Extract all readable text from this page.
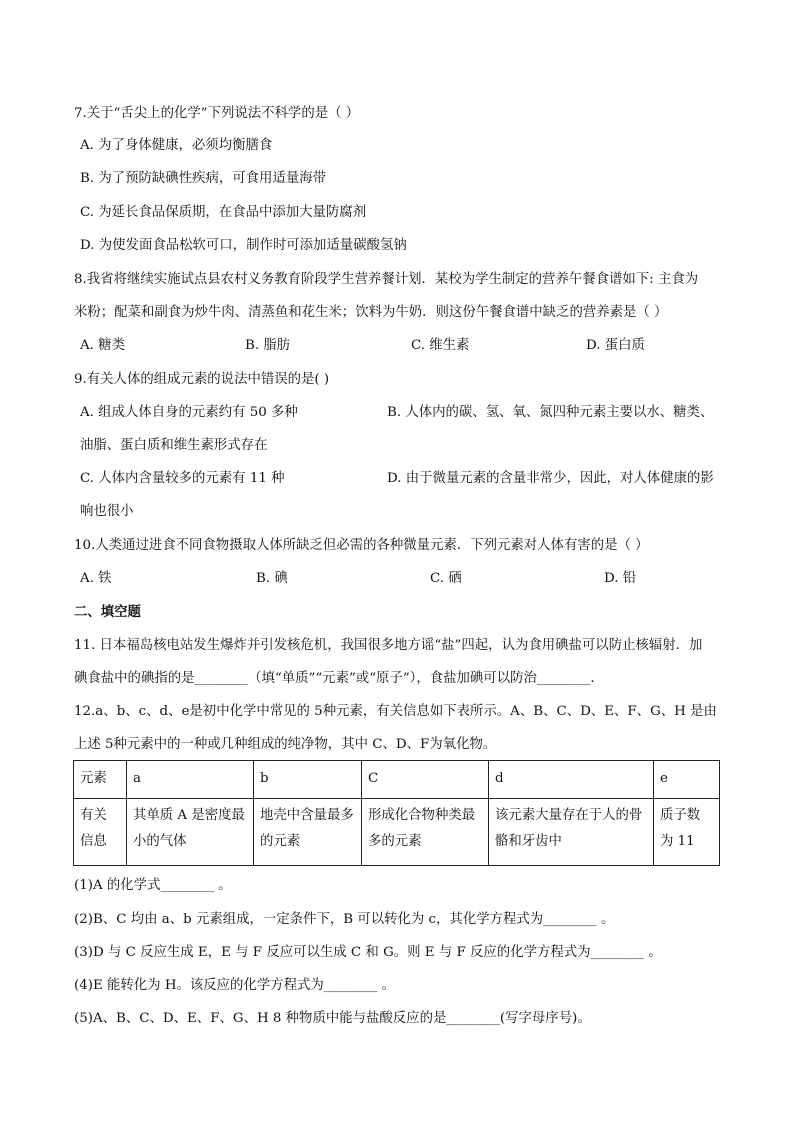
7.关于“舌尖上的化学”下列说法不科学的是（ ）
A. 为了身体健康，必须均衡膳食
B. 为了预防缺碘性疾病，可食用适量海带
C. 为延长食品保质期，在食品中添加大量防腐剂
D. 为使发面食品松软可口，制作时可添加适量碳酸氢钠
8.我省将继续实施试点县农村义务教育阶段学生营养餐计划．某校为学生制定的营养午餐食谱如下: 主食为
米粉；配菜和副食为炒牛肉、清蒸鱼和花生米；饮料为牛奶．则这份午餐食谱中缺乏的营养素是（ ）
A. 糖类	B. 脂肪	C. 维生素	D. 蛋白质
9.有关人体的组成元素的说法中错误的是( )
A. 组成人体自身的元素约有 50 多种	B. 人体内的碳、氢、氧、氮四种元素主要以水、糖类、
油脂、蛋白质和维生素形式存在
C. 人体内含量较多的元素有 11 种	D. 由于微量元素的含量非常少，因此，对人体健康的影
响也很小
10.人类通过进食不同食物摄取人体所缺乏但必需的各种微量元素．下列元素对人体有害的是（ ）
A. 铁	B. 碘	C. 硒	D. 铅
二、填空题
11. 日本福岛核电站发生爆炸并引发核危机，我国很多地方谣“盐”四起，认为食用碘盐可以防止核辐射．加
碘食盐中的碘指的是________（填“单质”“元素”或“原子”），食盐加碘可以防治________．
12.a、b、c、d、e是初中化学中常见的 5种元素，有关信息如下表所示。A、B、C、D、E、F、G、H 是由
上述 5种元素中的一种或几种组成的纯净物，其中 C、D、F为氧化物。
元素	a	b	C	d	e
有关信息	其单质 A 是密度最小的气体	地壳中含量最多的元素	形成化合物种类最多的元素	该元素大量存在于人的骨骼和牙齿中	质子数为 11
(1)A 的化学式________ 。
(2)B、C 均由 a、b 元素组成，一定条件下，B 可以转化为 c，其化学方程式为________ 。
(3)D 与 C 反应生成 E，E 与 F 反应可以生成 C 和 G。则 E 与 F 反应的化学方程式为________ 。
(4)E 能转化为 H。该反应的化学方程式为________ 。
(5)A、B、C、D、E、F、G、H 8 种物质中能与盐酸反应的是________(写字母序号)。
